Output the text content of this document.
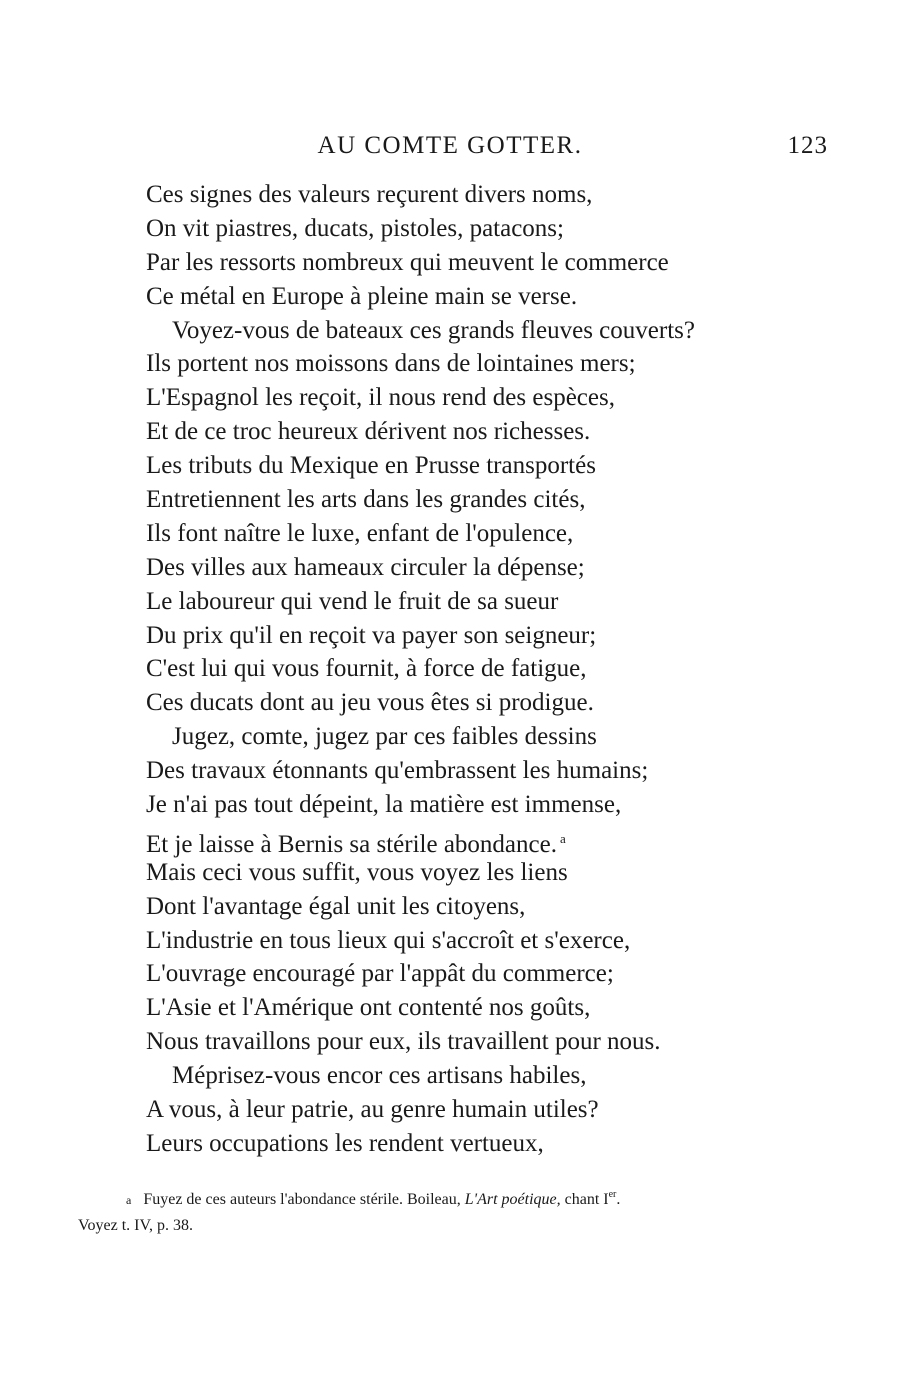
AU COMTE GOTTER.	123
Ces signes des valeurs reçurent divers noms,
On vit piastres, ducats, pistoles, patacons;
Par les ressorts nombreux qui meuvent le commerce
Ce métal en Europe à pleine main se verse.
Voyez-vous de bateaux ces grands fleuves couverts?
Ils portent nos moissons dans de lointaines mers;
L'Espagnol les reçoit, il nous rend des espèces,
Et de ce troc heureux dérivent nos richesses.
Les tributs du Mexique en Prusse transportés
Entretiennent les arts dans les grandes cités,
Ils font naître le luxe, enfant de l'opulence,
Des villes aux hameaux circuler la dépense;
Le laboureur qui vend le fruit de sa sueur
Du prix qu'il en reçoit va payer son seigneur;
C'est lui qui vous fournit, à force de fatigue,
Ces ducats dont au jeu vous êtes si prodigue.
Jugez, comte, jugez par ces faibles dessins
Des travaux étonnants qu'embrassent les humains;
Je n'ai pas tout dépeint, la matière est immense,
Et je laisse à Bernis sa stérile abondance. $^a$
Mais ceci vous suffit, vous voyez les liens
Dont l'avantage égal unit les citoyens,
L'industrie en tous lieux qui s'accroît et s'exerce,
L'ouvrage encouragé par l'appât du commerce;
L'Asie et l'Amérique ont contenté nos goûts,
Nous travaillons pour eux, ils travaillent pour nous.
Méprisez-vous encor ces artisans habiles,
A vous, à leur patrie, au genre humain utiles?
Leurs occupations les rendent vertueux,
a Fuyez de ces auteurs l'abondance stérile. Boileau, L'Art poétique, chant Ier.
Voyez t. IV, p. 38.
